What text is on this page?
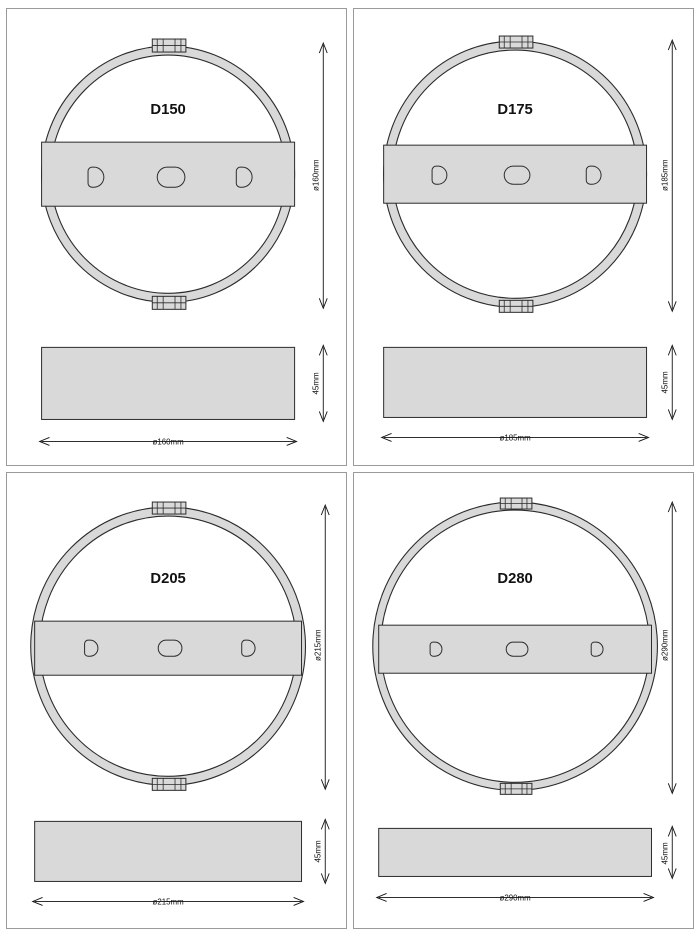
D150
ø160mm
45mm
ø160mm
D175
ø185mm
45mm
ø185mm
D205
ø215mm
45mm
ø215mm
D280
ø290mm
45mm
ø290mm
